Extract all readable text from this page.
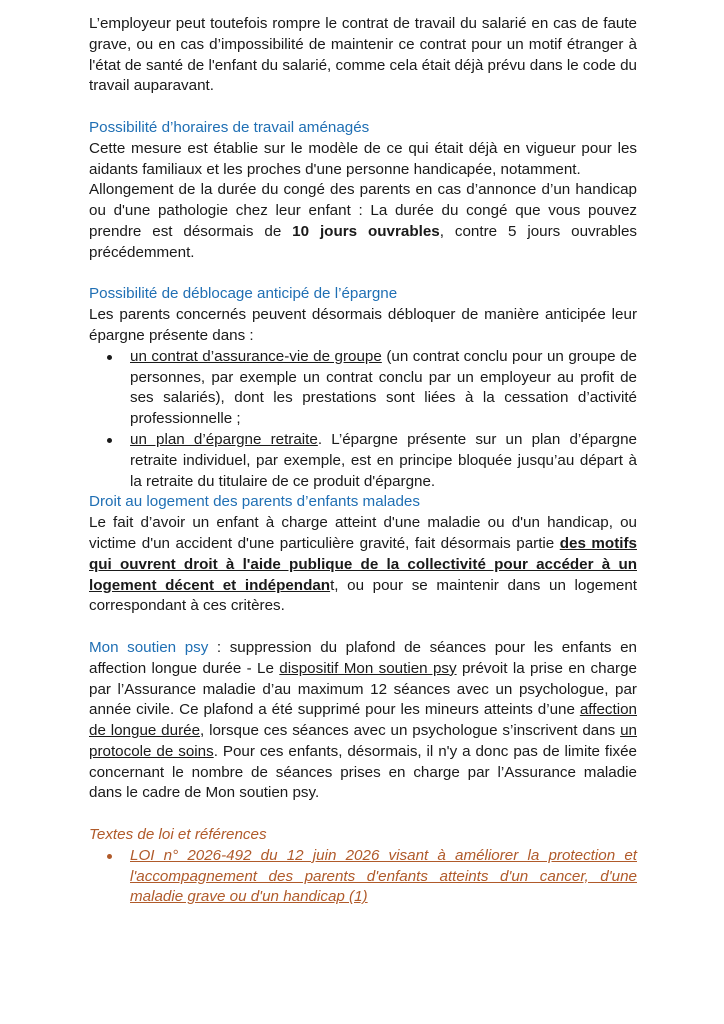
L’employeur peut toutefois rompre le contrat de travail du salarié en cas de faute grave, ou en cas d’impossibilité de maintenir ce contrat pour un motif étranger à l'état de santé de l'enfant du salarié, comme cela était déjà prévu dans le code du travail auparavant.

Possibilité d’horaires de travail aménagés

Cette mesure est établie sur le modèle de ce qui était déjà en vigueur pour les aidants familiaux et les proches d'une personne handicapée, notamment.

Allongement de la durée du congé des parents en cas d’annonce d’un handicap ou d'une pathologie chez leur enfant : La durée du congé que vous pouvez prendre est désormais de 10 jours ouvrables, contre 5 jours ouvrables précédemment.

Possibilité de déblocage anticipé de l’épargne

Les parents concernés peuvent désormais débloquer de manière anticipée leur épargne présente dans :

un contrat d’assurance-vie de groupe (un contrat conclu pour un groupe de personnes, par exemple un contrat conclu par un employeur au profit de ses salariés), dont les prestations sont liées à la cessation d’activité professionnelle ;
un plan d’épargne retraite. L’épargne présente sur un plan d’épargne retraite individuel, par exemple, est en principe bloquée jusqu’au départ à la retraite du titulaire de ce produit d'épargne.
Droit au logement des parents d’enfants malades

Le fait d’avoir un enfant à charge atteint d'une maladie ou d'un handicap, ou victime d'un accident d'une particulière gravité, fait désormais partie des motifs qui ouvrent droit à l'aide publique de la collectivité pour accéder à un logement décent et indépendant, ou pour se maintenir dans un logement correspondant à ces critères.

Mon soutien psy : suppression du plafond de séances pour les enfants en affection longue durée - Le dispositif Mon soutien psy prévoit la prise en charge par l’Assurance maladie d’au maximum 12 séances avec un psychologue, par année civile. Ce plafond a été supprimé pour les mineurs atteints d’une affection de longue durée, lorsque ces séances avec un psychologue s’inscrivent dans un protocole de soins. Pour ces enfants, désormais, il n'y a donc pas de limite fixée concernant le nombre de séances prises en charge par l’Assurance maladie dans le cadre de Mon soutien psy.

Textes de loi et références

LOI n° 2026-492 du 12 juin 2026 visant à améliorer la protection et l'accompagnement des parents d'enfants atteints d'un cancer, d'une maladie grave ou d'un handicap (1)
